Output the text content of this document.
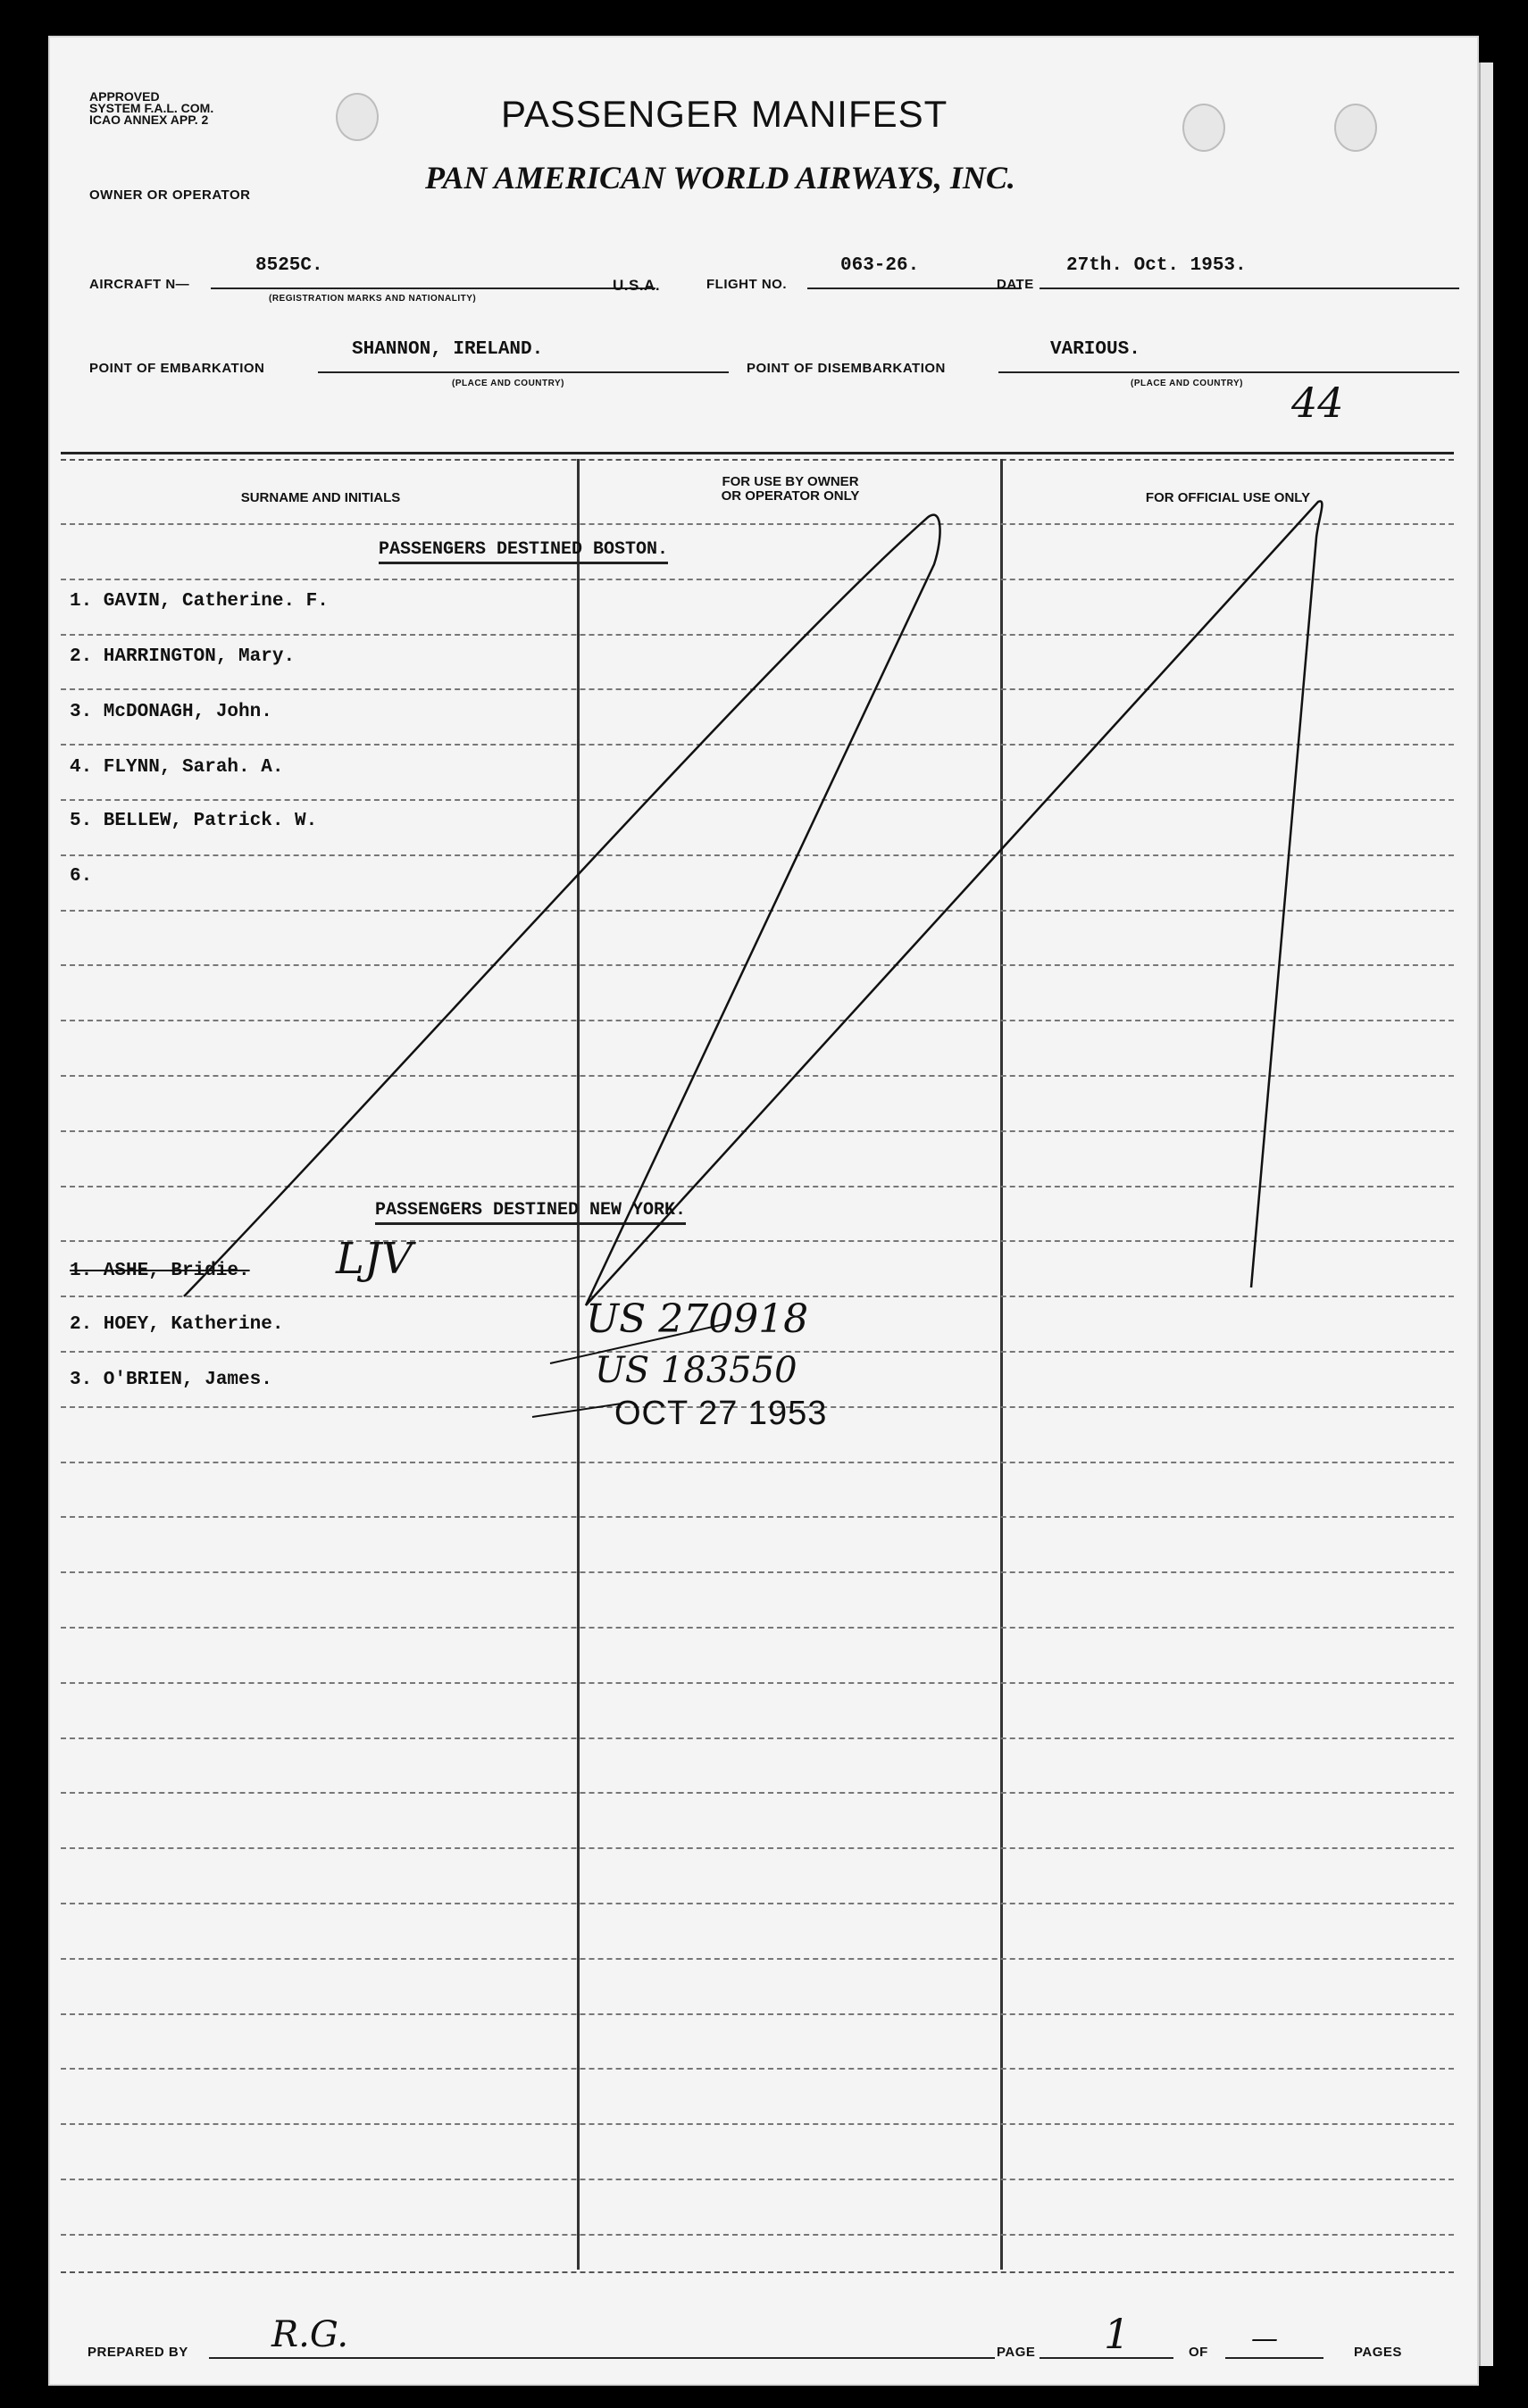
APPROVED
SYSTEM F.A.L. COM.
ICAO ANNEX APP. 2	PASSENGER MANIFEST
OWNER OR OPERATOR	PAN AMERICAN WORLD AIRWAYS, INC.
AIRCRAFT N—
8525C.
(REGISTRATION MARKS AND NATIONALITY)
U.S.A.	FLIGHT NO.
063-26.
DATE
27th. Oct. 1953.
POINT OF EMBARKATION
SHANNON, IRELAND.
(PLACE AND COUNTRY)
POINT OF DISEMBARKATION
VARIOUS.
(PLACE AND COUNTRY) 44
SURNAME AND INITIALS
FOR USE BY OWNER
OR OPERATOR ONLY	FOR OFFICIAL USE ONLY
PASSENGERS DESTINED BOSTON.
1. GAVIN, Catherine. F.
2. HARRINGTON, Mary.
3. McDONAGH, John.
4. FLYNN, Sarah. A.
5. BELLEW, Patrick. W.
6.
PASSENGERS DESTINED NEW YORK.
1. ASHE, Bridie. LJV
2. HOEY, Katherine.
3. O'BRIEN, James.
US 270918
US 183550
OCT 27 1953
PREPARED BY R.G.	PAGE 1	OF —	PAGES
